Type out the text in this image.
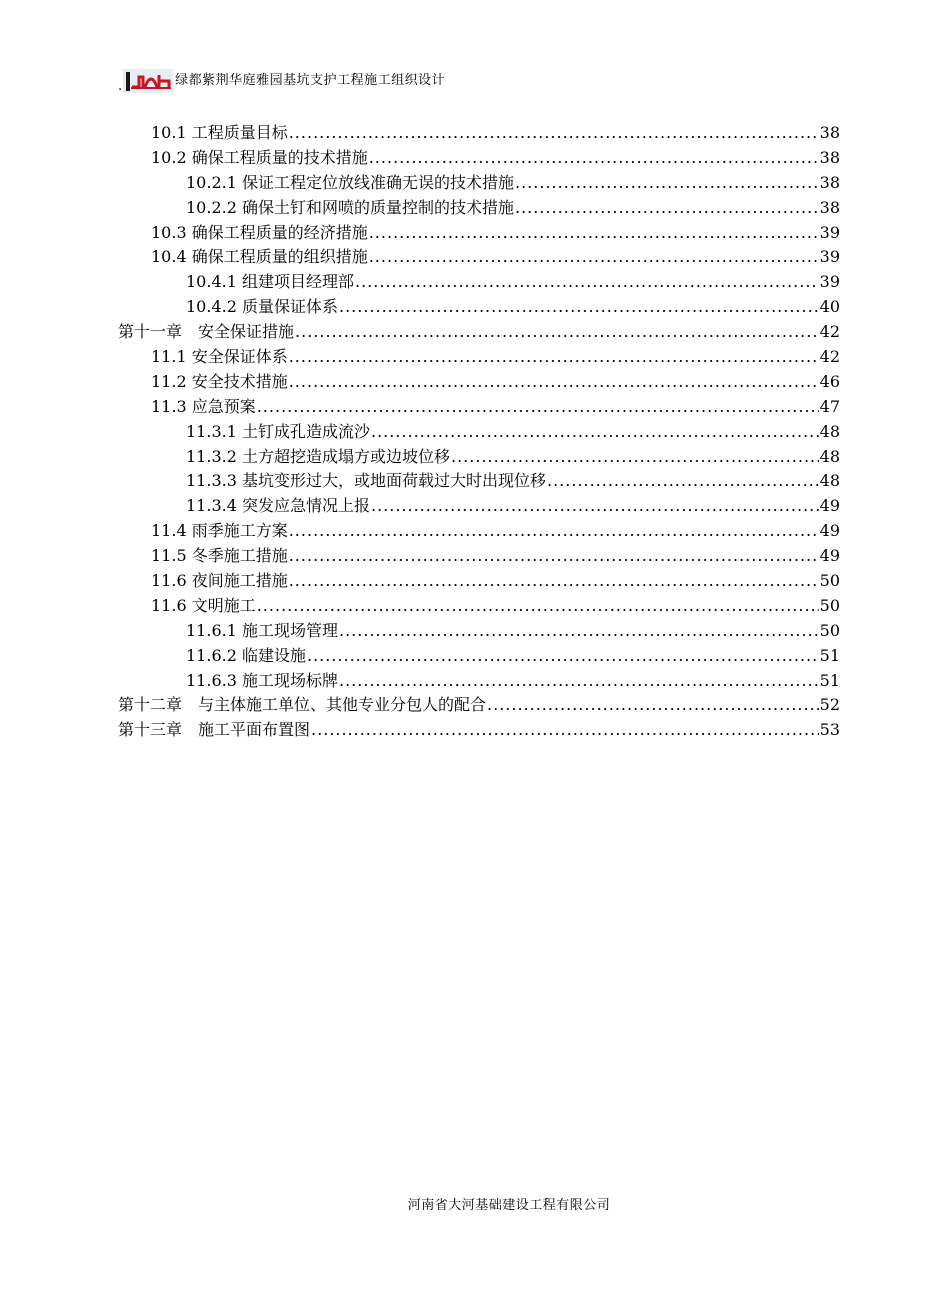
.	绿都紫荆华庭雅园基坑支护工程施工组织设计
10.1 工程质量目标 .....	38
10.2 确保工程质量的技术措施 .....	38
10.2.1 保证工程定位放线准确无误的技术措施 .....	38
10.2.2 确保土钉和网喷的质量控制的技术措施 .....	38
10.3 确保工程质量的经济措施 .....	39
10.4 确保工程质量的组织措施 .....	39
10.4.1 组建项目经理部 .....	39
10.4.2 质量保证体系 .....	40
第十一章　安全保证措施 .....	42
11.1 安全保证体系 .....	42
11.2 安全技术措施 .....	46
11.3 应急预案 .....	47
11.3.1 土钉成孔造成流沙 .....	48
11.3.2 土方超挖造成塌方或边坡位移 .....	48
11.3.3 基坑变形过大，或地面荷载过大时出现位移 .....	48
11.3.4 突发应急情况上报 .....	49
11.4 雨季施工方案 .....	49
11.5 冬季施工措施 .....	49
11.6 夜间施工措施 .....	50
11.6 文明施工 .....	50
11.6.1 施工现场管理 .....	50
11.6.2 临建设施 .....	51
11.6.3 施工现场标牌 .....	51
第十二章　与主体施工单位、其他专业分包人的配合 .....	52
第十三章　施工平面布置图 .....	53
河南省大河基础建设工程有限公司
